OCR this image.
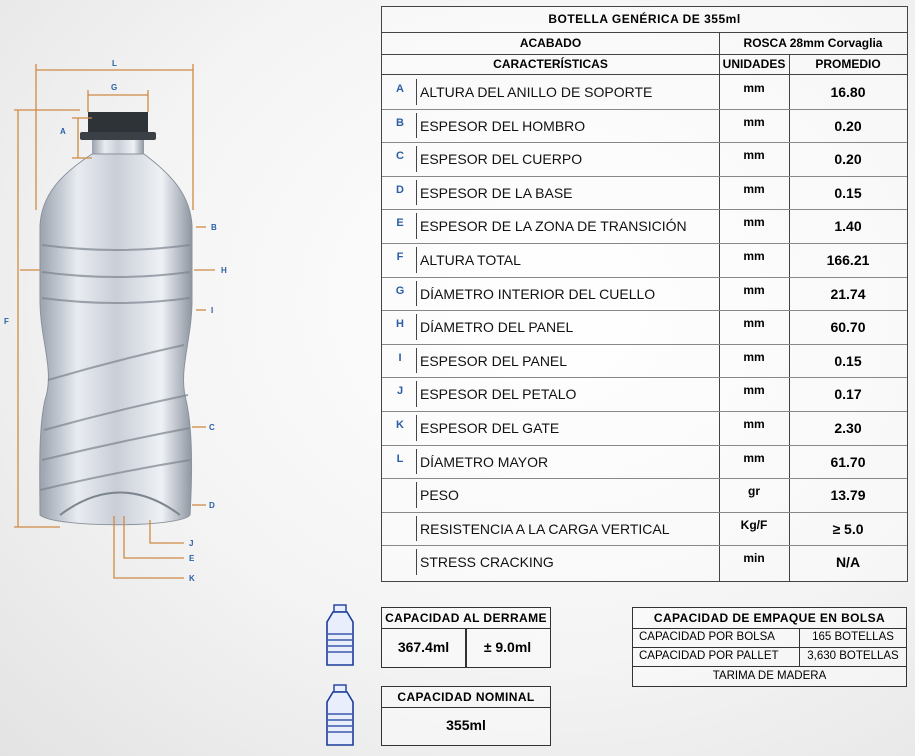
L
G
A
B
H
I
F
C
D
J
E
K
BOTELLA GENÉRICA DE 355ml
ACABADO	ROSCA 28mm Corvaglia
CARACTERÍSTICAS	UNIDADES	PROMEDIO
A	ALTURA DEL ANILLO DE SOPORTE	mm	16.80
B	ESPESOR DEL HOMBRO	mm	0.20
C	ESPESOR DEL CUERPO	mm	0.20
D	ESPESOR DE LA BASE	mm	0.15
E	ESPESOR DE LA ZONA DE TRANSICIÓN	mm	1.40
F	ALTURA TOTAL	mm	166.21
G	DÍAMETRO INTERIOR DEL CUELLO	mm	21.74
H	DÍAMETRO DEL PANEL	mm	60.70
I	ESPESOR DEL PANEL	mm	0.15
J	ESPESOR DEL PETALO	mm	0.17
K	ESPESOR DEL GATE	mm	2.30
L	DÍAMETRO MAYOR	mm	61.70
PESO	gr	13.79
RESISTENCIA A LA CARGA VERTICAL	Kg/F	≥ 5.0
STRESS CRACKING	min	N/A
CAPACIDAD AL DERRAME
367.4ml	± 9.0ml
CAPACIDAD NOMINAL
355ml
CAPACIDAD DE EMPAQUE EN BOLSA
CAPACIDAD POR BOLSA	165 BOTELLAS
CAPACIDAD POR PALLET	3,630 BOTELLAS
TARIMA DE MADERA
